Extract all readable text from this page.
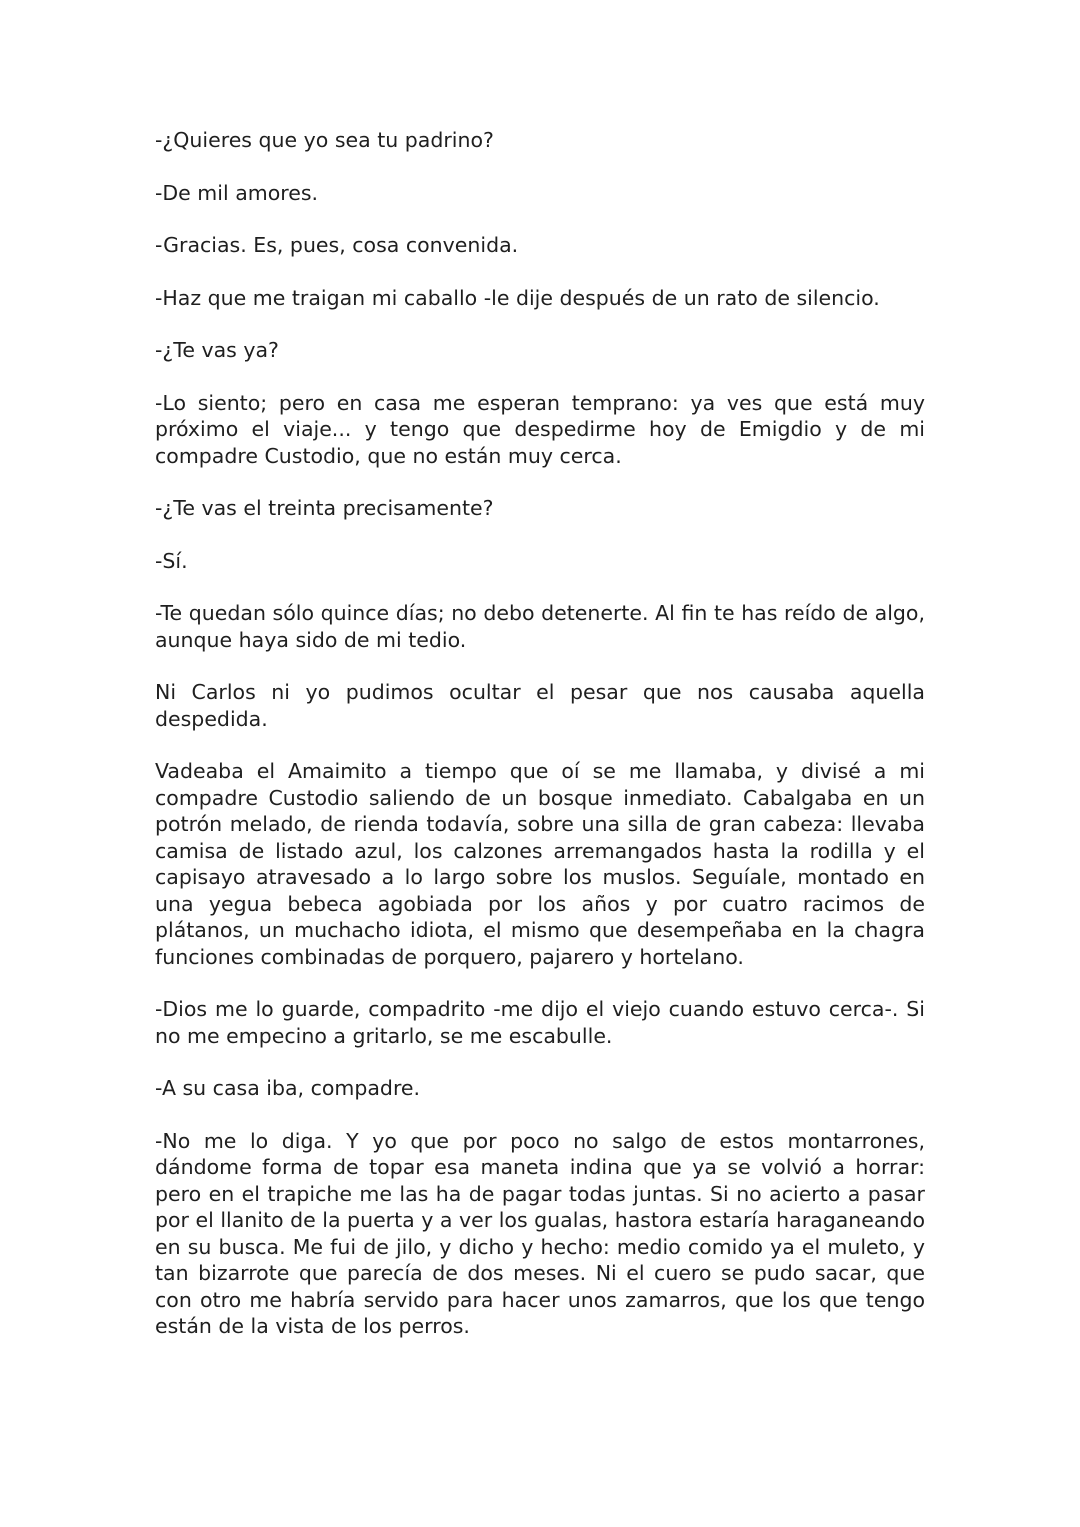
-¿Quieres que yo sea tu padrino?

-De mil amores.

-Gracias. Es, pues, cosa convenida.

-Haz que me traigan mi caballo -le dije después de un rato de silencio.

-¿Te vas ya?

-Lo siento; pero en casa me esperan temprano: ya ves que está muy próximo el viaje... y tengo que despedirme hoy de Emigdio y de mi compadre Custodio, que no están muy cerca.

-¿Te vas el treinta precisamente?

-Sí.

-Te quedan sólo quince días; no debo detenerte. Al fin te has reído de algo, aunque haya sido de mi tedio.

Ni Carlos ni yo pudimos ocultar el pesar que nos causaba aquella despedida.

Vadeaba el Amaimito a tiempo que oí se me llamaba, y divisé a mi compadre Custodio saliendo de un bosque inmediato. Cabalgaba en un potrón melado, de rienda todavía, sobre una silla de gran cabeza: llevaba camisa de listado azul, los calzones arremangados hasta la rodilla y el capisayo atravesado a lo largo sobre los muslos. Seguíale, montado en una yegua bebeca agobiada por los años y por cuatro racimos de plátanos, un muchacho idiota, el mismo que desempeñaba en la chagra funciones combinadas de porquero, pajarero y hortelano.

-Dios me lo guarde, compadrito -me dijo el viejo cuando estuvo cerca-. Si no me empecino a gritarlo, se me escabulle.

-A su casa iba, compadre.

-No me lo diga. Y yo que por poco no salgo de estos montarrones, dándome forma de topar esa maneta indina que ya se volvió a horrar: pero en el trapiche me las ha de pagar todas juntas. Si no acierto a pasar por el llanito de la puerta y a ver los gualas, hastora estaría haraganeando en su busca. Me fui de jilo, y dicho y hecho: medio comido ya el muleto, y tan bizarrote que parecía de dos meses. Ni el cuero se pudo sacar, que con otro me habría servido para hacer unos zamarros, que los que tengo están de la vista de los perros.
